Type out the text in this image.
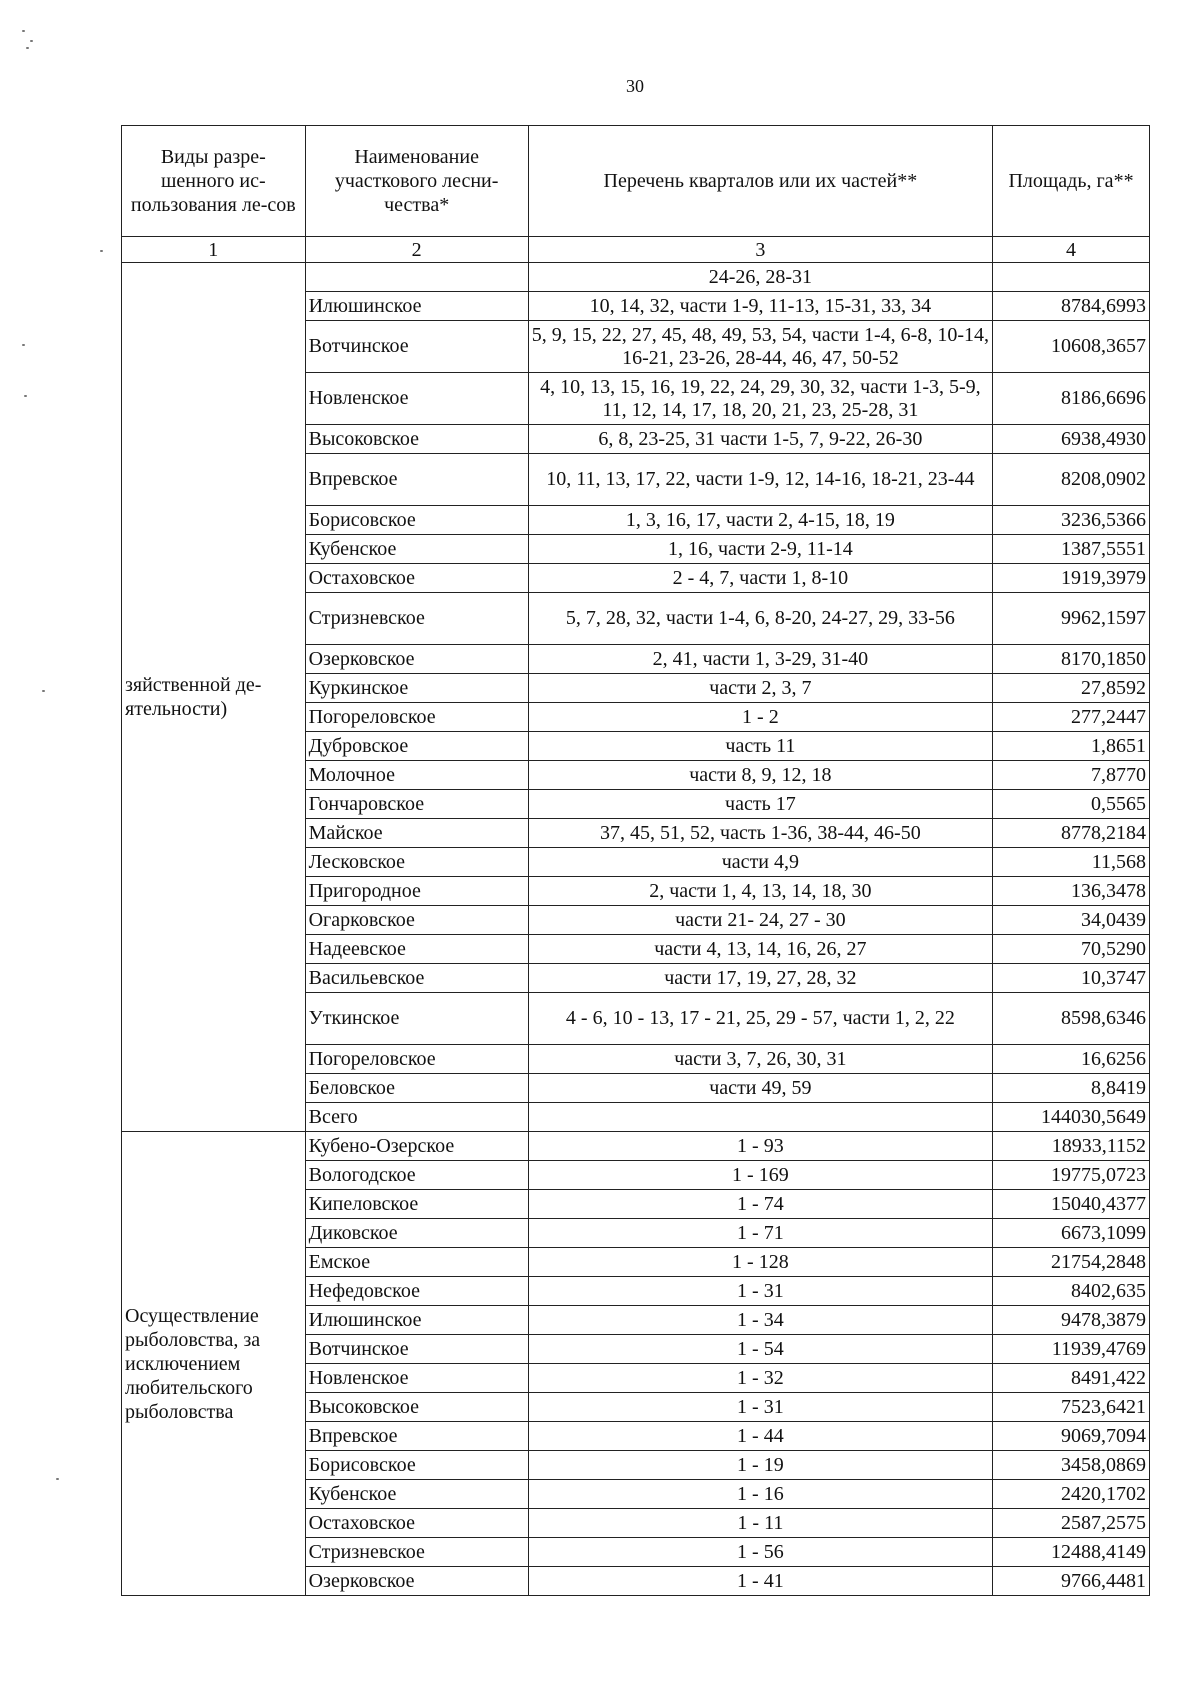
30
Виды разре-шенного ис-пользования ле-сов	Наименование участкового лесни-чества*	Перечень кварталов или их частей**	Площадь, га**
1	2	3	4

зяйственной де-ятельности)		24-26, 28-31	
	Илюшинское	10, 14, 32, части 1-9, 11-13, 15-31, 33, 34	8784,6993
	Вотчинское	5, 9, 15, 22, 27, 45, 48, 49, 53, 54, части 1-4, 6-8, 10-14, 16-21, 23-26, 28-44, 46, 47, 50-52	10608,3657
	Новленское	4, 10, 13, 15, 16, 19, 22, 24, 29, 30, 32, части 1-3, 5-9, 11, 12, 14, 17, 18, 20, 21, 23, 25-28, 31	8186,6696
	Высоковское	6, 8, 23-25, 31 части 1-5, 7, 9-22, 26-30	6938,4930
	Впревское	10, 11, 13, 17, 22, части 1-9, 12, 14-16, 18-21, 23-44	8208,0902
	Борисовское	1, 3, 16, 17, части 2, 4-15, 18, 19	3236,5366
	Кубенское	1, 16, части 2-9, 11-14	1387,5551
	Остаховское	2 - 4, 7, части 1, 8-10	1919,3979
	Стризневское	5, 7, 28, 32, части 1-4, 6, 8-20, 24-27, 29, 33-56	9962,1597
	Озерковское	2, 41, части 1, 3-29, 31-40	8170,1850
	Куркинское	части 2, 3, 7	27,8592
	Погореловское	1 - 2	277,2447
	Дубровское	часть 11	1,8651
	Молочное	части 8, 9, 12, 18	7,8770
	Гончаровское	часть 17	0,5565
	Майское	37, 45, 51, 52, часть 1-36, 38-44, 46-50	8778,2184
	Лесковское	части 4,9	11,568
	Пригородное	2, части 1, 4, 13, 14, 18, 30	136,3478
	Огарковское	части 21- 24, 27 - 30	34,0439
	Надеевское	части 4, 13, 14, 16, 26, 27	70,5290
	Васильевское	части 17, 19, 27, 28, 32	10,3747
	Уткинское	4 - 6, 10 - 13, 17 - 21, 25, 29 - 57, части 1, 2, 22	8598,6346
	Погореловское	части 3, 7, 26, 30, 31	16,6256
	Беловское	части 49, 59	8,8419
	Всего		144030,5649

Осуществление рыболовства, за исключением любительского рыболовства	Кубено-Озерское	1 - 93	18933,1152
	Вологодское	1 - 169	19775,0723
	Кипеловское	1 - 74	15040,4377
	Диковское	1 - 71	6673,1099
	Емское	1 - 128	21754,2848
	Нефедовское	1 - 31	8402,635
	Илюшинское	1 - 34	9478,3879
	Вотчинское	1 - 54	11939,4769
	Новленское	1 - 32	8491,422
	Высоковское	1 - 31	7523,6421
	Впревское	1 - 44	9069,7094
	Борисовское	1 - 19	3458,0869
	Кубенское	1 - 16	2420,1702
	Остаховское	1 - 11	2587,2575
	Стризневское	1 - 56	12488,4149
	Озерковское	1 - 41	9766,4481
